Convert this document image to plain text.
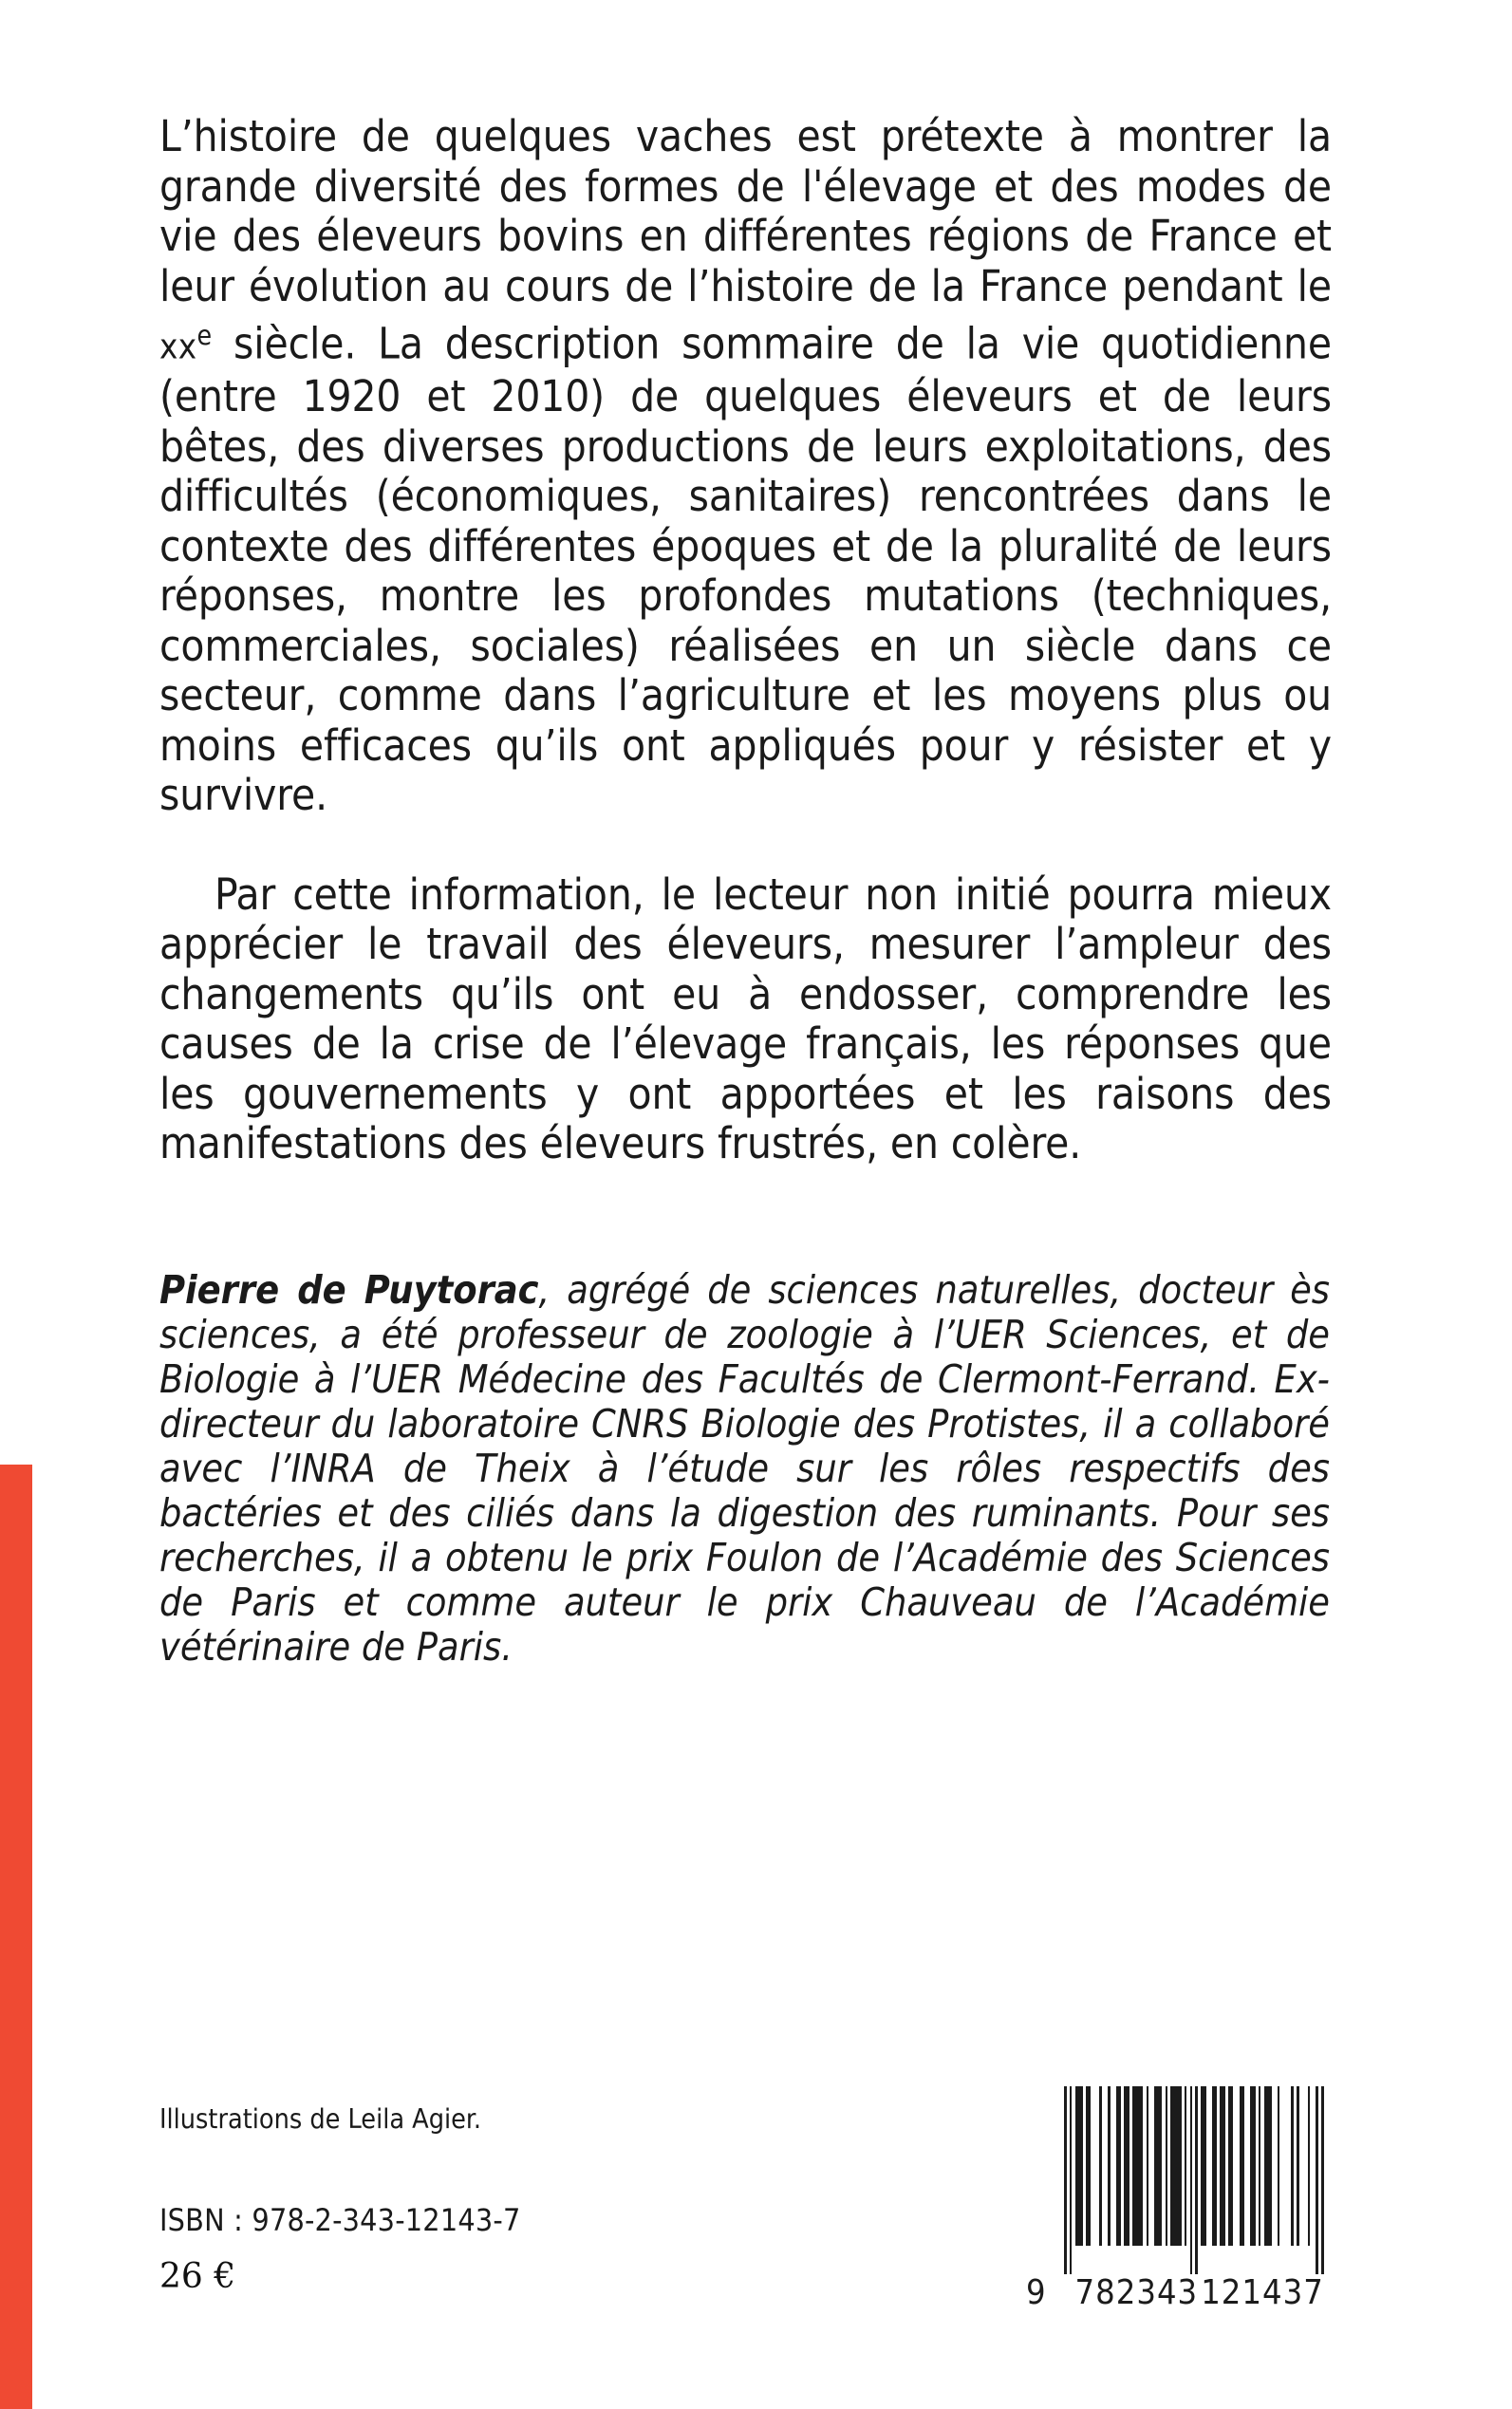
L’histoire de quelques vaches est prétexte à montrer la grande diversité des formes de l'élevage et des modes de vie des éleveurs bovins en différentes régions de France et leur évolution au cours de l’histoire de la France pendant le $xx^e$ siècle. La description sommaire de la vie quotidienne (entre 1920 et 2010) de quelques éleveurs et de leurs bêtes, des diverses productions de leurs exploitations, des difficultés (économiques, sanitaires) rencontrées dans le contexte des différentes époques et de la pluralité de leurs réponses, montre les profondes mutations (techniques, commerciales, sociales) réalisées en un siècle dans ce secteur, comme dans l’agriculture et les moyens plus ou moins efficaces qu’ils ont appliqués pour y résister et y survivre.

Par cette information, le lecteur non initié pourra mieux apprécier le travail des éleveurs, mesurer l’ampleur des changements qu’ils ont eu à endosser, comprendre les causes de la crise de l’élevage français, les réponses que les gouvernements y ont apportées et les raisons des manifestations des éleveurs frustrés, en colère.

Pierre de Puytorac, agrégé de sciences naturelles, docteur ès sciences, a été professeur de zoologie à l’UER Sciences, et de Biologie à l’UER Médecine des Facultés de Clermont-Ferrand. Ex-directeur du laboratoire CNRS Biologie des Protistes, il a collaboré avec l’INRA de Theix à l’étude sur les rôles respectifs des bactéries et des ciliés dans la digestion des ruminants. Pour ses recherches, il a obtenu le prix Foulon de l’Académie des Sciences de Paris et comme auteur le prix Chauveau de l’Académie vétérinaire de Paris.

Illustrations de Leila Agier.

ISBN : 978-2-343-12143-7

26 €	9 782343 121437
